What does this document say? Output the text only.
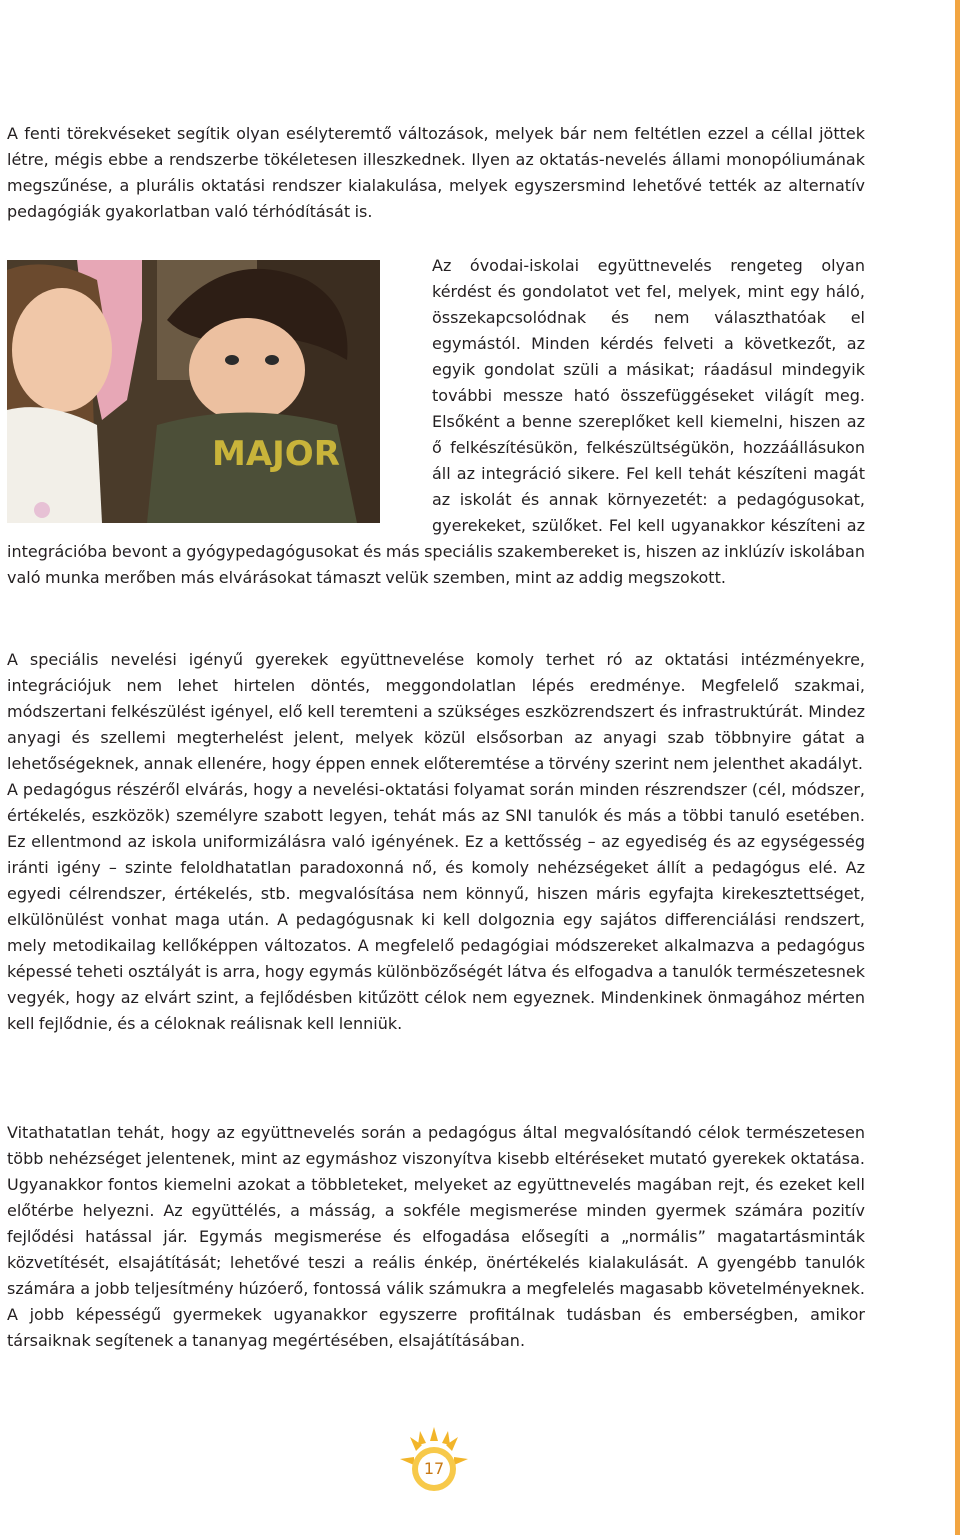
A fenti törekvéseket segítik olyan esélyteremtő változások, melyek bár nem feltétlen ezzel a céllal jöttek létre, mégis ebbe a rendszerbe tökéletesen illeszkednek. Ilyen az oktatás-nevelés állami monopóliumának megszűnése, a plurális oktatási rendszer kialakulása, melyek egyszersmind lehetővé tették az alternatív pedagógiák gyakorlatban való térhódítását is.

MAJOR

Az óvodai-iskolai együttnevelés rengeteg olyan kérdést és gondolatot vet fel, melyek, mint egy háló, összekapcsolódnak és nem választhatóak el egymástól. Minden kérdés felveti a következőt, az egyik gondolat szüli a másikat; ráadásul mindegyik további messze ható összefüggéseket világít meg. Elsőként a benne szereplőket kell kiemelni, hiszen az ő felkészítésükön, felkészültségükön, hozzáállásukon áll az integráció sikere. Fel kell tehát készíteni magát az iskolát és annak környezetét: a pedagógusokat, gyerekeket, szülőket. Fel kell ugyanakkor készíteni az integrációba bevont a gyógypedagógusokat és más speciális szakembereket is, hiszen az inklúzív iskolában való munka merőben más elvárásokat támaszt velük szemben, mint az addig megszokott.

A speciális nevelési igényű gyerekek együttnevelése komoly terhet ró az oktatási intézményekre, integrációjuk nem lehet hirtelen döntés, meggondolatlan lépés eredménye. Megfelelő szakmai, módszertani felkészülést igényel, elő kell teremteni a szükséges eszközrendszert és infrastruktúrát. Mindez anyagi és szellemi megterhelést jelent, melyek közül elsősorban az anyagi szab többnyire gátat a lehetőségeknek, annak ellenére, hogy éppen ennek előteremtése a törvény szerint nem jelenthet akadályt.

A pedagógus részéről elvárás, hogy a nevelési-oktatási folyamat során minden részrendszer (cél, módszer, értékelés, eszközök) személyre szabott legyen, tehát más az SNI tanulók és más a többi tanuló esetében. Ez ellentmond az iskola uniformizálásra való igényének. Ez a kettősség – az egyediség és az egységesség iránti igény – szinte feloldhatatlan paradoxonná nő, és komoly nehézségeket állít a pedagógus elé. Az egyedi célrendszer, értékelés, stb. megvalósítása nem könnyű, hiszen máris egyfajta kirekesztettséget, elkülönülést vonhat maga után. A pedagógusnak ki kell dolgoznia egy sajátos differenciálási rendszert, mely metodikailag kellőképpen változatos. A megfelelő pedagógiai módszereket alkalmazva a pedagógus képessé teheti osztályát is arra, hogy egymás különbözőségét látva és elfogadva a tanulók természetesnek vegyék, hogy az elvárt szint, a fejlődésben kitűzött célok nem egyeznek. Mindenkinek önmagához mérten kell fejlődnie, és a céloknak reálisnak kell lenniük.

Vitathatatlan tehát, hogy az együttnevelés során a pedagógus által megvalósítandó célok természetesen több nehézséget jelentenek, mint az egymáshoz viszonyítva kisebb eltéréseket mutató gyerekek oktatása. Ugyanakkor fontos kiemelni azokat a többleteket, melyeket az együttnevelés magában rejt, és ezeket kell előtérbe helyezni. Az együttélés, a másság, a sokféle megismerése minden gyermek számára pozitív fejlődési hatással jár. Egymás megismerése és elfogadása elősegíti a „normális” magatartásminták közvetítését, elsajátítását; lehetővé teszi a reális énkép, önértékelés kialakulását. A gyengébb tanulók számára a jobb teljesítmény húzóerő, fontossá válik számukra a megfelelés magasabb követelményeknek. A jobb képességű gyermekek ugyanakkor egyszerre profitálnak tudásban és emberségben, amikor társaiknak segítenek a tananyag megértésében, elsajátításában.

17
